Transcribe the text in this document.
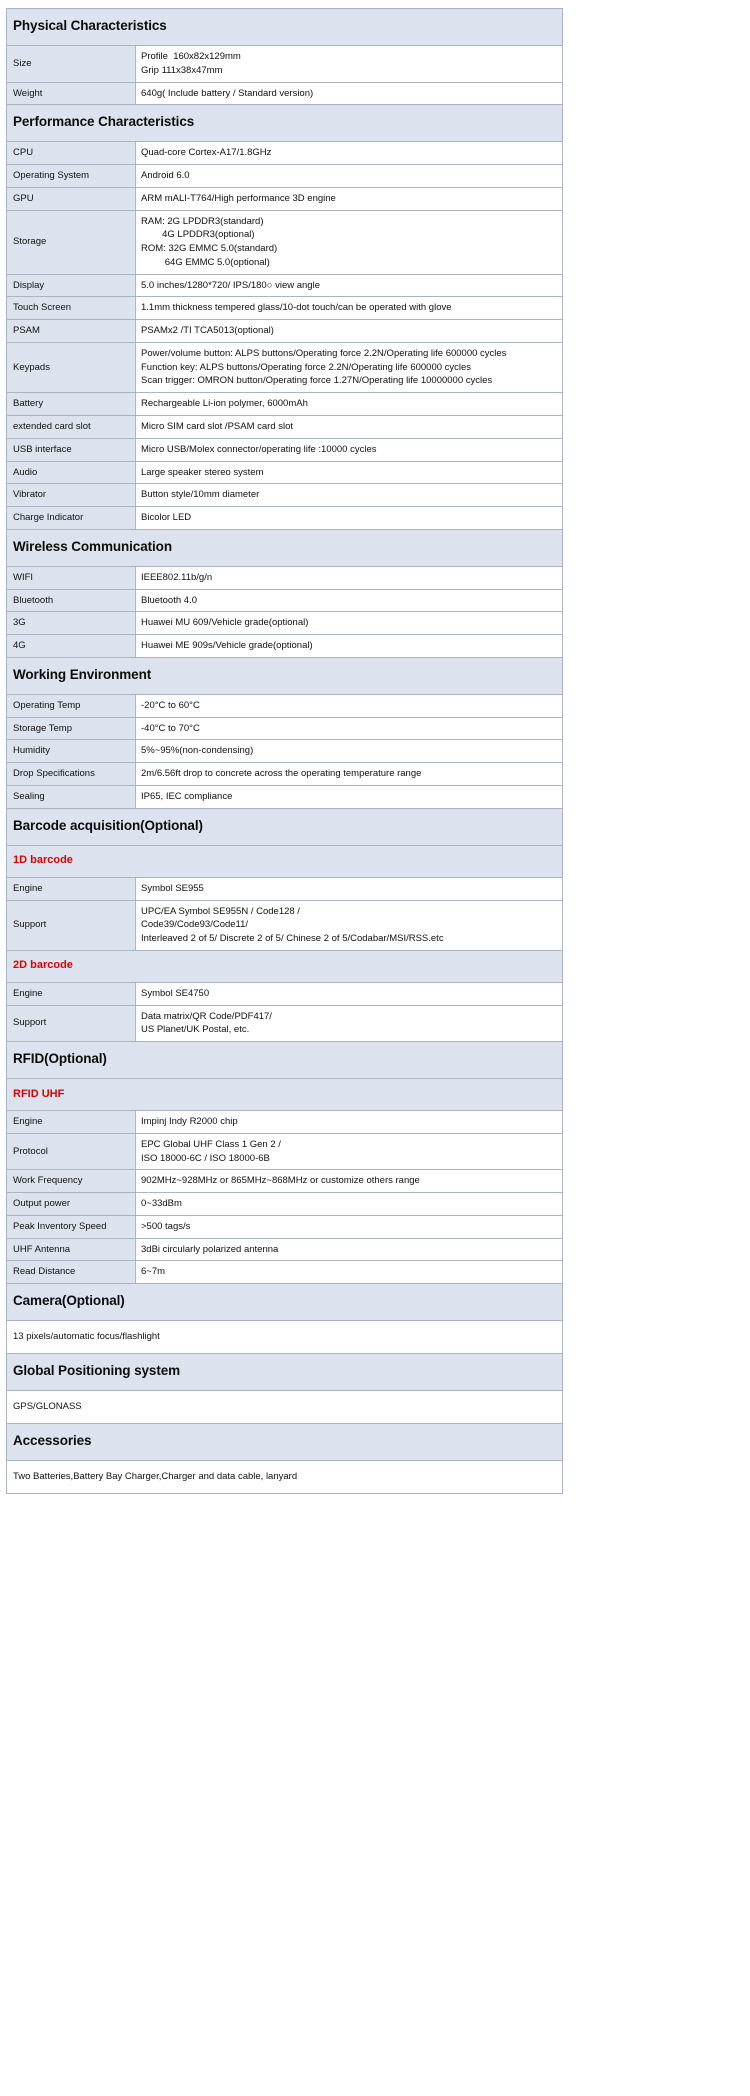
Physical Characteristics	

Size	Profile  160x82x129mm
Grip 111x38x47mm

Weight	640g( Include battery / Standard version)

Performance Characteristics	

CPU	Quad-core Cortex-A17/1.8GHz

Operating System	Android 6.0

GPU	ARM mALI-T764/High performance 3D engine

Storage	RAM: 2G LPDDR3(standard)
4G LPDDR3(optional)
ROM: 32G EMMC 5.0(standard)
64G EMMC 5.0(optional)

Display	5.0 inches/1280*720/ IPS/180○ view angle

Touch Screen	1.1mm thickness tempered glass/10-dot touch/can be operated with glove

PSAM	PSAMx2 /TI TCA5013(optional)

Keypads	Power/volume button: ALPS buttons/Operating force 2.2N/Operating life 600000 cycles
Function key: ALPS buttons/Operating force 2.2N/Operating life 600000 cycles
Scan trigger: OMRON button/Operating force 1.27N/Operating life 10000000 cycles

Battery	Rechargeable Li-ion polymer, 6000mAh

extended card slot	Micro SIM card slot /PSAM card slot

USB interface	Micro USB/Molex connector/operating life :10000 cycles

Audio	Large speaker stereo system

Vibrator	Button style/10mm diameter

Charge Indicator	Bicolor LED

Wireless Communication	

WIFI	IEEE802.11b/g/n

Bluetooth	Bluetooth 4.0

3G	Huawei MU 609/Vehicle grade(optional)

4G	Huawei ME 909s/Vehicle grade(optional)

Working Environment	

Operating Temp	-20°C to 60°C

Storage Temp	-40°C to 70°C

Humidity	5%~95%(non-condensing)

Drop Specifications	2m/6.56ft drop to concrete across the operating temperature range

Sealing	IP65, IEC compliance

Barcode acquisition(Optional)	

1D barcode	

Engine	Symbol SE955

Support	UPC/EA Symbol SE955N / Code128 /
Code39/Code93/Code11/
Interleaved 2 of 5/ Discrete 2 of 5/ Chinese 2 of 5/Codabar/MSI/RSS.etc

2D barcode	

Engine	Symbol SE4750

Support	Data matrix/QR Code/PDF417/
US Planet/UK Postal, etc.

RFID(Optional)	

RFID UHF	

Engine	Impinj Indy R2000 chip

Protocol	EPC Global UHF Class 1 Gen 2 /
ISO 18000-6C / ISO 18000-6B

Work Frequency	902MHz~928MHz or 865MHz~868MHz or customize others range

Output power	0~33dBm

Peak Inventory Speed	>500 tags/s

UHF Antenna	3dBi circularly polarized antenna

Read Distance	6~7m

Camera(Optional)	

13 pixels/automatic focus/flashlight	

Global Positioning system	

GPS/GLONASS	

Accessories	

Two Batteries,Battery Bay Charger,Charger and data cable, lanyard	
